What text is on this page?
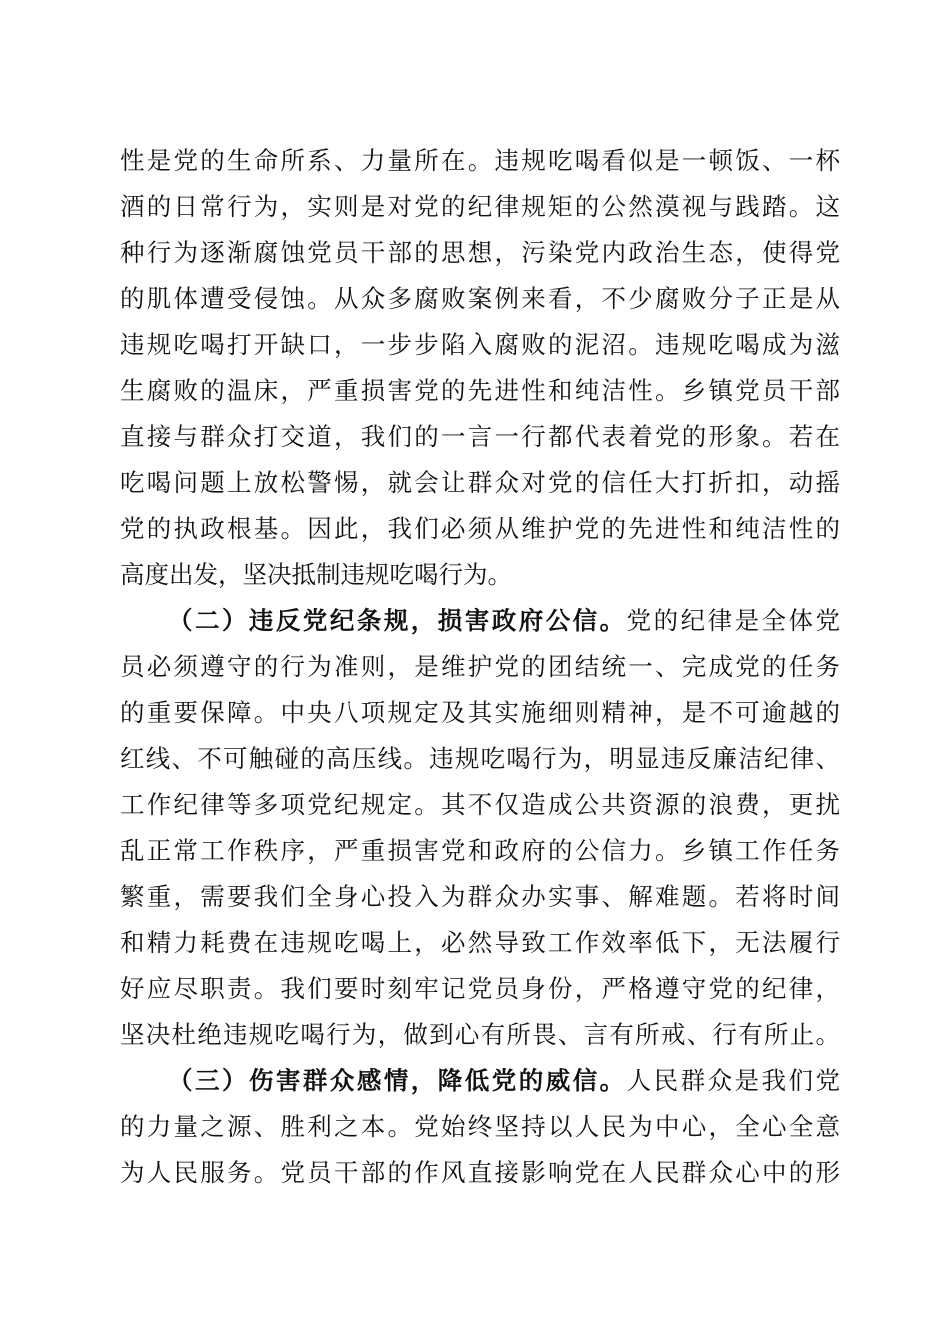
性是党的生命所系、力量所在。违规吃喝看似是一顿饭、一杯
酒的日常行为，实则是对党的纪律规矩的公然漠视与践踏。这
种行为逐渐腐蚀党员干部的思想，污染党内政治生态，使得党
的肌体遭受侵蚀。从众多腐败案例来看，不少腐败分子正是从
违规吃喝打开缺口，一步步陷入腐败的泥沼。违规吃喝成为滋
生腐败的温床，严重损害党的先进性和纯洁性。乡镇党员干部
直接与群众打交道，我们的一言一行都代表着党的形象。若在
吃喝问题上放松警惕，就会让群众对党的信任大打折扣，动摇
党的执政根基。因此，我们必须从维护党的先进性和纯洁性的
高度出发，坚决抵制违规吃喝行为。
（二）违反党纪条规，损害政府公信。党的纪律是全体党
员必须遵守的行为准则，是维护党的团结统一、完成党的任务
的重要保障。中央八项规定及其实施细则精神，是不可逾越的
红线、不可触碰的高压线。违规吃喝行为，明显违反廉洁纪律、
工作纪律等多项党纪规定。其不仅造成公共资源的浪费，更扰
乱正常工作秩序，严重损害党和政府的公信力。乡镇工作任务
繁重，需要我们全身心投入为群众办实事、解难题。若将时间
和精力耗费在违规吃喝上，必然导致工作效率低下，无法履行
好应尽职责。我们要时刻牢记党员身份，严格遵守党的纪律，
坚决杜绝违规吃喝行为，做到心有所畏、言有所戒、行有所止。
（三）伤害群众感情，降低党的威信。人民群众是我们党
的力量之源、胜利之本。党始终坚持以人民为中心，全心全意
为人民服务。党员干部的作风直接影响党在人民群众心中的形
